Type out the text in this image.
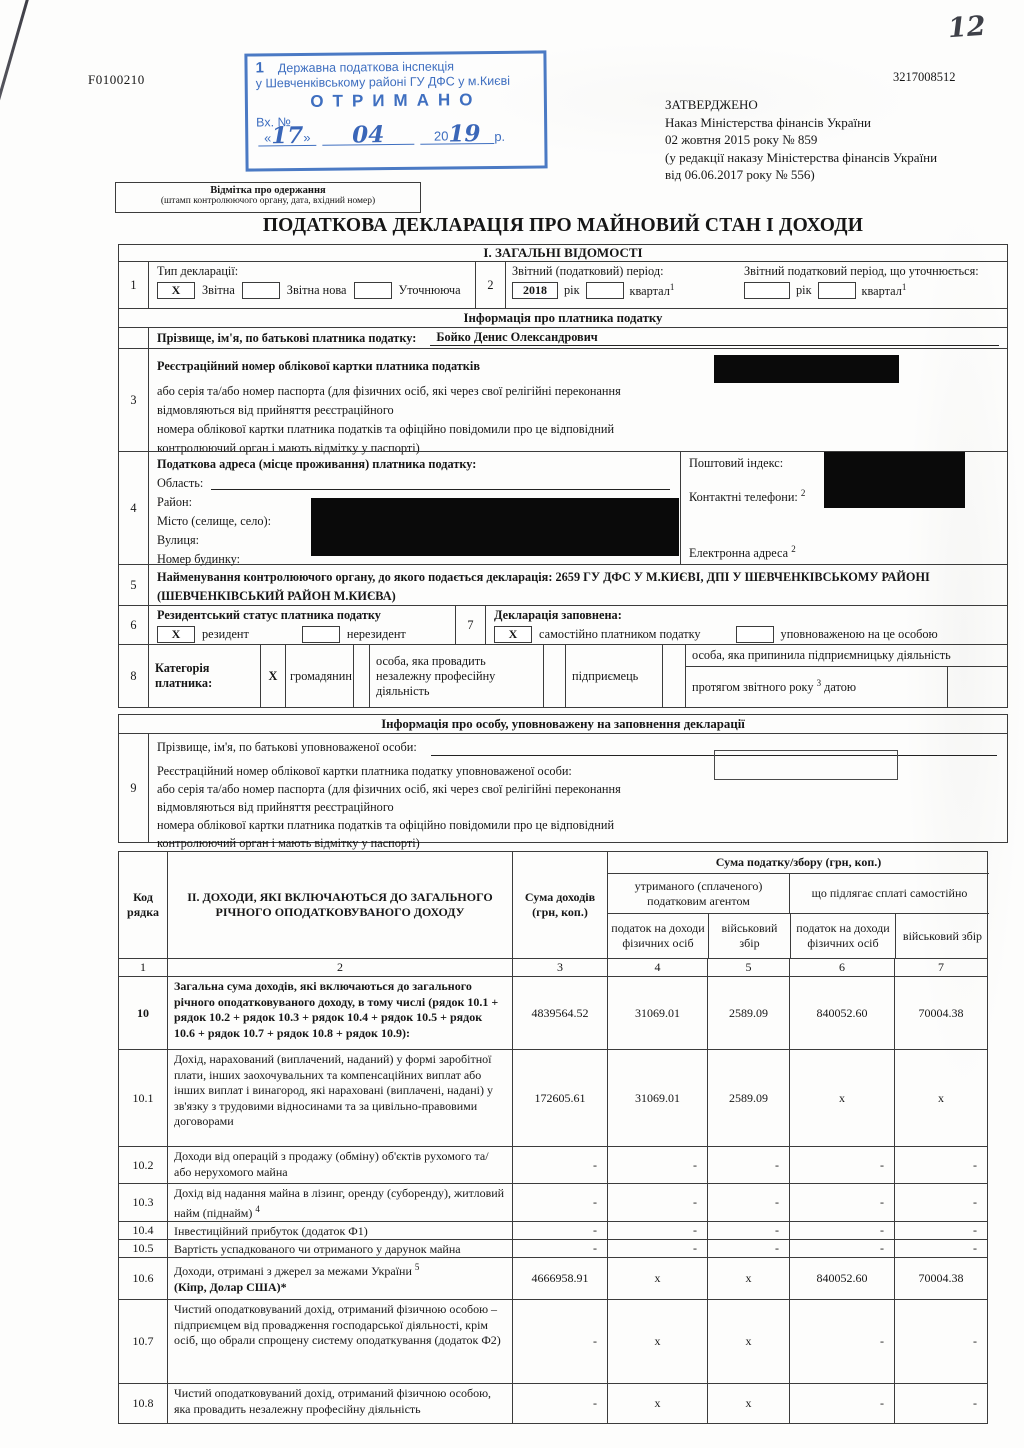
F0100210	3217008512
12
1 Державна податкова інспекція
у Шевченківському районі ГУ ДФС у м.Києві
ОТРИМАНО
Вх. №
« 17 » 04	20 19 р.
ЗАТВЕРДЖЕНО
Наказ Міністерства фінансів України
02 жовтня 2015 року № 859
(у редакції наказу Міністерства фінансів України
від 06.06.2017 року № 556)
Відмітка про одержання
(штамп контролюючого органу, дата, вхідний номер)
ПОДАТКОВА ДЕКЛАРАЦІЯ ПРО МАЙНОВИЙ СТАН І ДОХОДИ
І. ЗАГАЛЬНІ ВІДОМОСТІ
1
Тип декларації:
X	Звітна	Звітна нова	Уточнююча	2
Звітний (податковий) період:
2018	рік	квартал$^1$
Звітний податковий період, що уточнюється:
рік	квартал$^1$
Інформація про платника податку
Прізвище, ім'я, по батькові платника податку:	Бойко Денис Олександрович
3
Реєстраційний номер облікової картки платника податків
або серія та/або номер паспорта (для фізичних осіб, які через свої релігійні переконання
відмовляються від прийняття реєстраційного
номера облікової картки платника податків та офіційно повідомили про це відповідний
контролюючий орган і мають відмітку у паспорті)
4
Податкова адреса (місце проживання) платника податку:
Область:
Район:
Місто (селище, село):
Вулиця:
Номер будинку:
Поштовий індекс:
Контактні телефони: $^2$
Електронна адреса $^2$
5
Найменування контролюючого органу, до якого подається декларація: 2659 ГУ ДФС У М.КИЄВІ, ДПІ У ШЕВЧЕНКІВСЬКОМУ РАЙОНІ (ШЕВЧЕНКІВСЬКИЙ РАЙОН М.КИЄВА)
6
Резидентський статус платника податку
X	резидент	нерезидент
7
Декларація заповнена:
X	самостійно платником податку	уповноваженою на це особою
8
Категорія платника:
X	громадянин
особа, яка провадить незалежну професійну діяльність
підприємець
особа, яка припинила підприємницьку діяльність
протягом звітного року $^3$ датою
Інформація про особу, уповноважену на заповнення декларації
9
Прізвище, ім'я, по батькові уповноваженої особи:
Реєстраційний номер облікової картки платника податку уповноваженої особи:
або серія та/або номер паспорта (для фізичних осіб, які через свої релігійні переконання
відмовляються від прийняття реєстраційного
номера облікової картки платника податків та офіційно повідомили про це відповідний
контролюючий орган і мають відмітку у паспорті)
Код
рядка
ІІ. ДОХОДИ, ЯКІ ВКЛЮЧАЮТЬСЯ ДО ЗАГАЛЬНОГО РІЧНОГО ОПОДАТКОВУВАНОГО ДОХОДУ
Сума доходів (грн, коп.)
Сума податку/збору (грн, коп.)
утриманого (сплаченого) податковим агентом
що підлягає сплаті самостійно
податок на доходи фізичних осіб
військовий збір
податок на доходи фізичних осіб
військовий збір
1	2	3	4	5	6	7
10
Загальна сума доходів, які включаються до загального річного оподатковуваного доходу, в тому числі (рядок 10.1 + рядок 10.2 + рядок 10.3 + рядок 10.4 + рядок 10.5 + рядок 10.6 + рядок 10.7 + рядок 10.8 + рядок 10.9):
4839564.52	31069.01	2589.09	840052.60	70004.38
10.1
Дохід, нарахований (виплачений, наданий) у формі заробітної плати, інших заохочувальних та компенсаційних виплат або інших виплат і винагород, які нараховані (виплачені, надані) у зв'язку з трудовими відносинами та за цивільно-правовими договорами
172605.61	31069.01	2589.09	х	х
10.2
Доходи від операцій з продажу (обміну) об'єктів рухомого та/або нерухомого майна	-	-	-	-	-
10.3
Дохід від надання майна в лізинг, оренду (суборенду), житловий найм (піднайм) $^4$	-	-	-	-	-
10.4	Інвестиційний прибуток (додаток Ф1)	-	-	-	-	-
10.5	Вартість успадкованого чи отриманого у дарунок майна	-	-	-	-	-
10.6	Доходи, отримані з джерел за межами України $^5$
(Кіпр, Долар США)*
4666958.91	х	х	840052.60	70004.38
10.7
Чистий оподатковуваний дохід, отриманий фізичною особою – підприємцем від провадження господарської діяльності, крім осіб, що обрали спрощену систему оподаткування (додаток Ф2)	-	х	х	-	-
10.8
Чистий оподатковуваний дохід, отриманий фізичною особою, яка провадить незалежну професійну діяльність	-	х	х	-	-
